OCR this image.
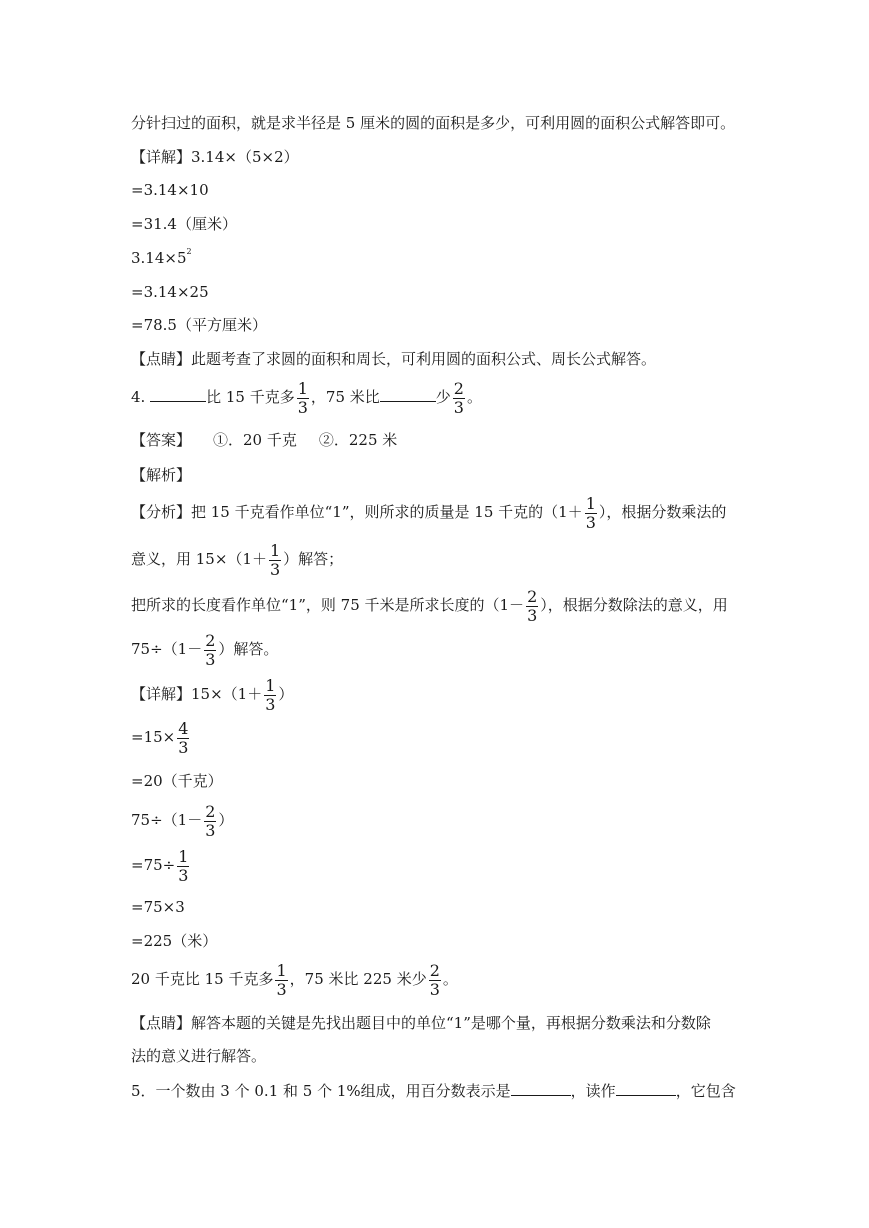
分针扫过的面积，就是求半径是 5 厘米的圆的面积是多少，可利用圆的面积公式解答即可。
【详解】3.14×（5×2）
=3.14×10
=31.4（厘米）
$3.14\times 5^2$
=3.14×25
=78.5（平方厘米）
【点睛】此题考查了求圆的面积和周长，可利用圆的面积公式、周长公式解答。
4.	比 15 千克多 $\frac{1}{3}$ ，75 米比	少 $\frac{2}{3}$ 。
【答案】 ①．20 千克 ②．225 米
【解析】
【分析】把 15 千克看作单位“1”，则所求的质量是 15 千克的（$1+ \frac{1}{3}$ ），根据分数乘法的
意义，用 $15\times(1+ \frac{1}{3}$ ）解答；
把所求的长度看作单位“1”，则 75 千米是所求长度的（$1- \frac{2}{3}$ ），根据分数除法的意义，用
$75\div(1- \frac{2}{3}$ ）解答。
【详解】$15\times(1+ \frac{1}{3}$ ）
$=15\times \frac{4}{3}$
=20（千克）
$75\div(1- \frac{2}{3}$ ）
$=75\div \frac{1}{3}$
=75×3
=225（米）
20 千克比 15 千克多 $\frac{1}{3}$ ，75 米比 225 米少 $\frac{2}{3}$ 。
【点睛】解答本题的关键是先找出题目中的单位“1”是哪个量，再根据分数乘法和分数除
法的意义进行解答。
5．一个数由 3 个 0.1 和 5 个 1%组成，用百分数表示是	，读作	，它包含
